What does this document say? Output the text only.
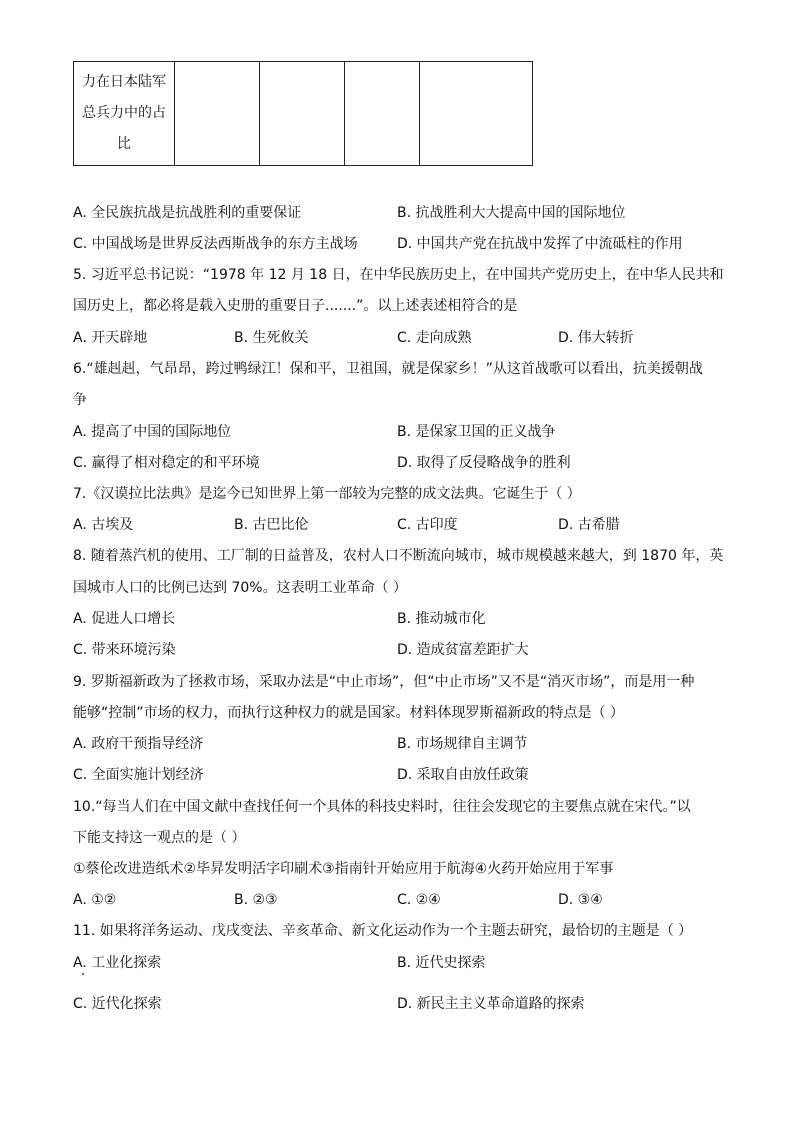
力在日本陆军
总兵力中的占
比

A. 全民族抗战是抗战胜利的重要保证	B. 抗战胜利大大提高中国的国际地位
C. 中国战场是世界反法西斯战争的东方主战场	D. 中国共产党在抗战中发挥了中流砥柱的作用
5. 习近平总书记说：“1978 年 12 月 18 日，在中华民族历史上，在中国共产党历史上，在中华人民共和
国历史上，都必将是载入史册的重要日子.......”。以上述表述相符合的是
A. 开天辟地	B. 生死攸关	C. 走向成熟	D. 伟大转折
6.“雄赳赳，气昂昂，跨过鸭绿江！保和平，卫祖国，就是保家乡！”从这首战歌可以看出，抗美援朝战
争
A. 提高了中国的国际地位	B. 是保家卫国的正义战争
C. 赢得了相对稳定的和平环境	D. 取得了反侵略战争的胜利
7.《汉谟拉比法典》是迄今已知世界上第一部较为完整的成文法典。它诞生于（ ）
A. 古埃及	B. 古巴比伦	C. 古印度	D. 古希腊
8. 随着蒸汽机的使用、工厂制的日益普及，农村人口不断流向城市，城市规模越来越大，到 1870 年，英
国城市人口的比例已达到 70%。这表明工业革命（ ）
A. 促进人口增长	B. 推动城市化
C. 带来环境污染	D. 造成贫富差距扩大
9. 罗斯福新政为了拯救市场，采取办法是“中止市场”，但“中止市场”又不是“消灭市场”，而是用一种
能够“控制”市场的权力，而执行这种权力的就是国家。材料体现罗斯福新政的特点是（ ）
A. 政府干预指导经济	B. 市场规律自主调节
C. 全面实施计划经济	D. 采取自由放任政策
10.“每当人们在中国文献中查找任何一个具体的科技史料时，往往会发现它的主要焦点就在宋代。”以
下能支持这一观点的是（ ）
①蔡伦改进造纸术②毕昇发明活字印刷术③指南针开始应用于航海④火药开始应用于军事
A. ①②	B. ②③	C. ②④	D. ③④
11. 如果将洋务运动、戊戌变法、辛亥革命、新文化运动作为一个主题去研究，最恰切的主题是（ ）
A. 工业化探索	B. 近代史探索
C. 近代化探索	D. 新民主主义革命道路的探索
